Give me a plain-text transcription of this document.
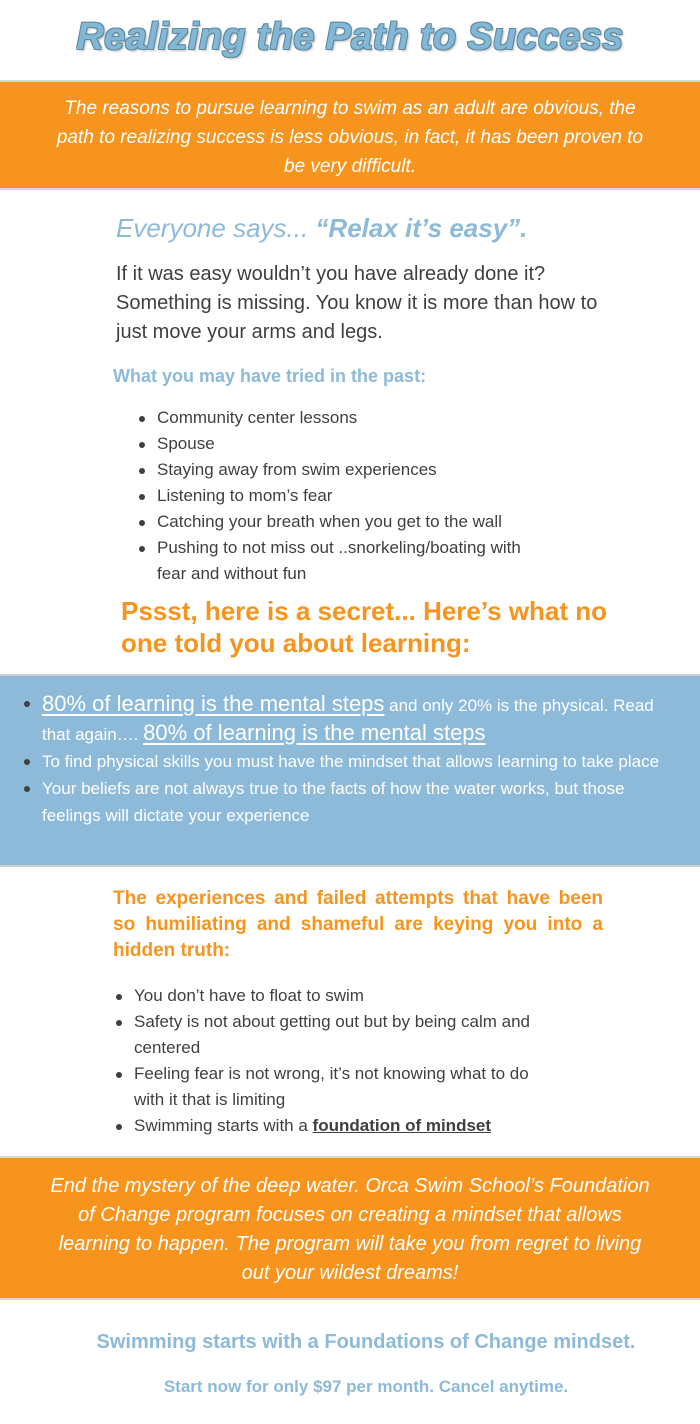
Realizing the Path to Success
The reasons to pursue learning to swim as an adult are obvious, the path to realizing success is less obvious, in fact, it has been proven to be very difficult.
Everyone says... “Relax it’s easy”.
If it was easy wouldn’t you have already done it? Something is missing. You know it is more than how to just move your arms and legs.
What you may have tried in the past:
Community center lessons
Spouse
Staying away from swim experiences
Listening to mom’s fear
Catching your breath when you get to the wall
Pushing to not miss out ..snorkeling/boating with fear and without fun
Pssst, here is a secret... Here’s what no one told you about learning:
80% of learning is the mental steps and only 20% is the physical. Read that again…. 80% of learning is the mental steps
To find physical skills you must have the mindset that allows learning to take place
Your beliefs are not always true to the facts of how the water works, but those feelings will dictate your experience
The experiences and failed attempts that have been so humiliating and shameful are keying you into a hidden truth:
You don’t have to float to swim
Safety is not about getting out but by being calm and centered
Feeling fear is not wrong, it’s not knowing what to do with it that is limiting
Swimming starts with a foundation of mindset
End the mystery of the deep water. Orca Swim School’s Foundation of Change program focuses on creating a mindset that allows learning to happen. The program will take you from regret to living out your wildest dreams!
Swimming starts with a Foundations of Change mindset.
Start now for only $97 per month. Cancel anytime.
